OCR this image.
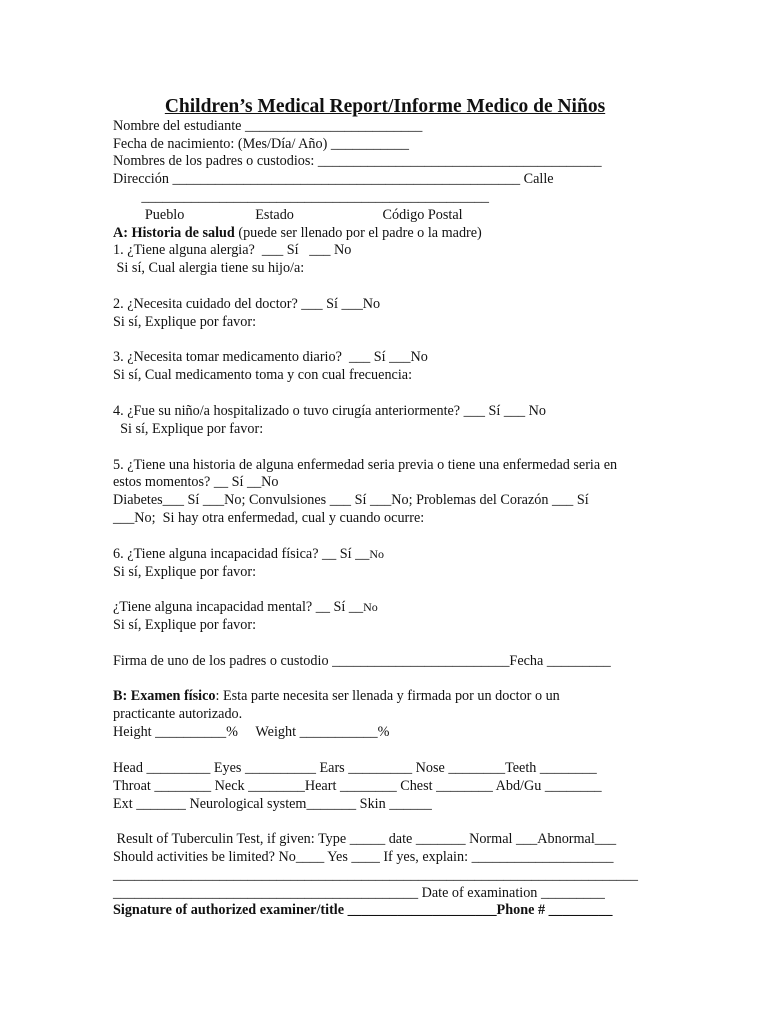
Children’s Medical Report/Informe Medico de Niños
Nombre del estudiante _________________________
Fecha de nacimiento: (Mes/Día/ Año) ___________
Nombres de los padres o custodios: ________________________________________
Dirección _________________________________________________ Calle
_________________________________________________
Pueblo                    Estado                         Código Postal
A: Historia de salud (puede ser llenado por el padre o la madre)
1. ¿Tiene alguna alergia?  ___ Sí   ___ No
Si sí, Cual alergia tiene su hijo/a:
2. ¿Necesita cuidado del doctor? ___ Sí ___No
Si sí, Explique por favor:
3. ¿Necesita tomar medicamento diario?  ___ Sí ___No
Si sí, Cual medicamento toma y con cual frecuencia:
4. ¿Fue su niño/a hospitalizado o tuvo cirugía anteriormente? ___ Sí ___ No
Si sí, Explique por favor:
5. ¿Tiene una historia de alguna enfermedad seria previa o tiene una enfermedad seria en
estos momentos? __ Sí __No
Diabetes___ Sí ___No; Convulsiones ___ Sí ___No; Problemas del Corazón ___ Sí
___No;  Si hay otra enfermedad, cual y cuando ocurre:
6. ¿Tiene alguna incapacidad física? __ Sí __No
Si sí, Explique por favor:
¿Tiene alguna incapacidad mental? __ Sí __No
Si sí, Explique por favor:
Firma de uno de los padres o custodio _________________________Fecha _________
B: Examen físico: Esta parte necesita ser llenada y firmada por un doctor o un
practicante autorizado.
Height __________%     Weight ___________%
Head _________ Eyes __________ Ears _________ Nose ________Teeth ________
Throat ________ Neck ________Heart ________ Chest ________ Abd/Gu ________
Ext _______ Neurological system_______ Skin ______
Result of Tuberculin Test, if given: Type _____ date _______ Normal ___Abnormal___
Should activities be limited? No____ Yes ____ If yes, explain: ____________________
__________________________________________________________________________
___________________________________________ Date of examination _________
Signature of authorized examiner/title _____________________Phone # _________
